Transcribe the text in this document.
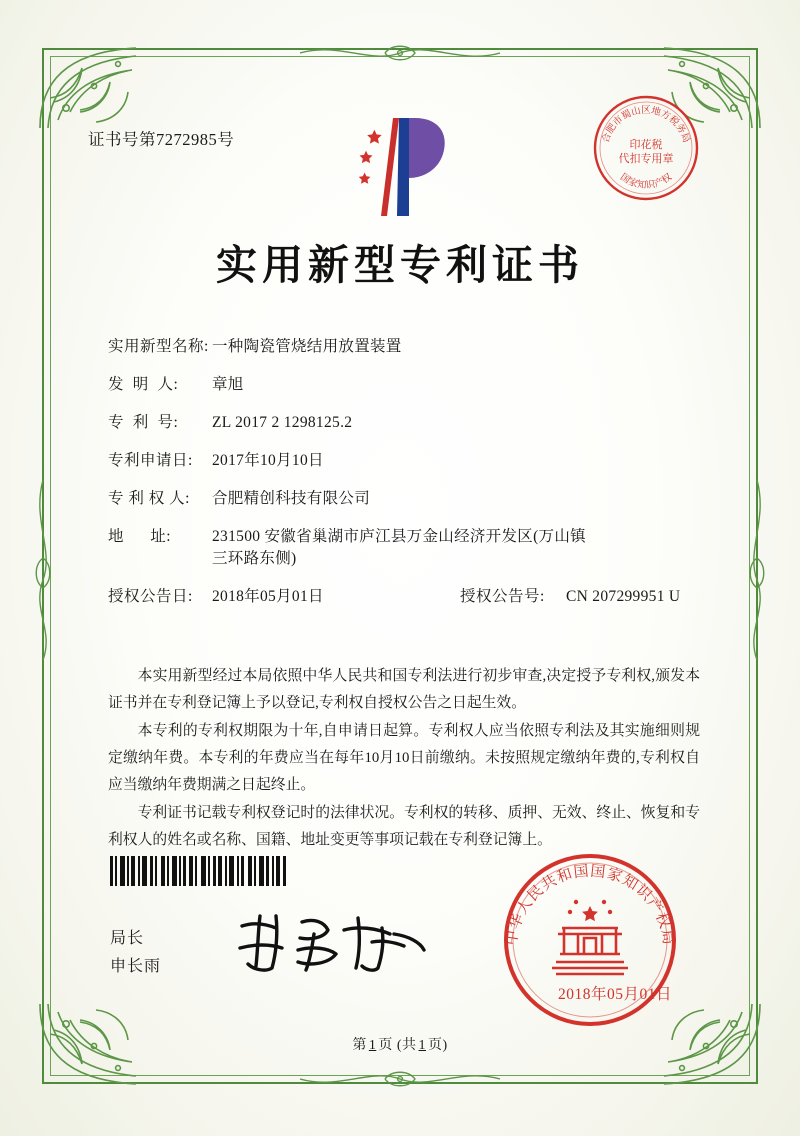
证书号第7272985号	合肥市蜀山区地方税务局
印花税
代扣专用章
国家知识产权
实用新型专利证书
实用新型名称: 一种陶瓷管烧结用放置装置
发  明  人:	章旭
专  利  号:	ZL 2017 2 1298125.2
专利申请日:	2017年10月10日
专 利 权 人:	合肥精创科技有限公司
地      址:	231500 安徽省巢湖市庐江县万金山经济开发区(万山镇
三环路东侧)
授权公告日:	2018年05月01日	授权公告号:	CN 207299951 U

本实用新型经过本局依照中华人民共和国专利法进行初步审查,决定授予专利权,颁发本证书并在专利登记簿上予以登记,专利权自授权公告之日起生效。

本专利的专利权期限为十年,自申请日起算。专利权人应当依照专利法及其实施细则规定缴纳年费。本专利的年费应当在每年10月10日前缴纳。未按照规定缴纳年费的,专利权自应当缴纳年费期满之日起终止。

专利证书记载专利权登记时的法律状况。专利权的转移、质押、无效、终止、恢复和专利权人的姓名或名称、国籍、地址变更等事项记载在专利登记簿上。

局长
申长雨
中华人民共和国国家知识产权局
2018年05月01日
第 1 页 (共 1 页)
